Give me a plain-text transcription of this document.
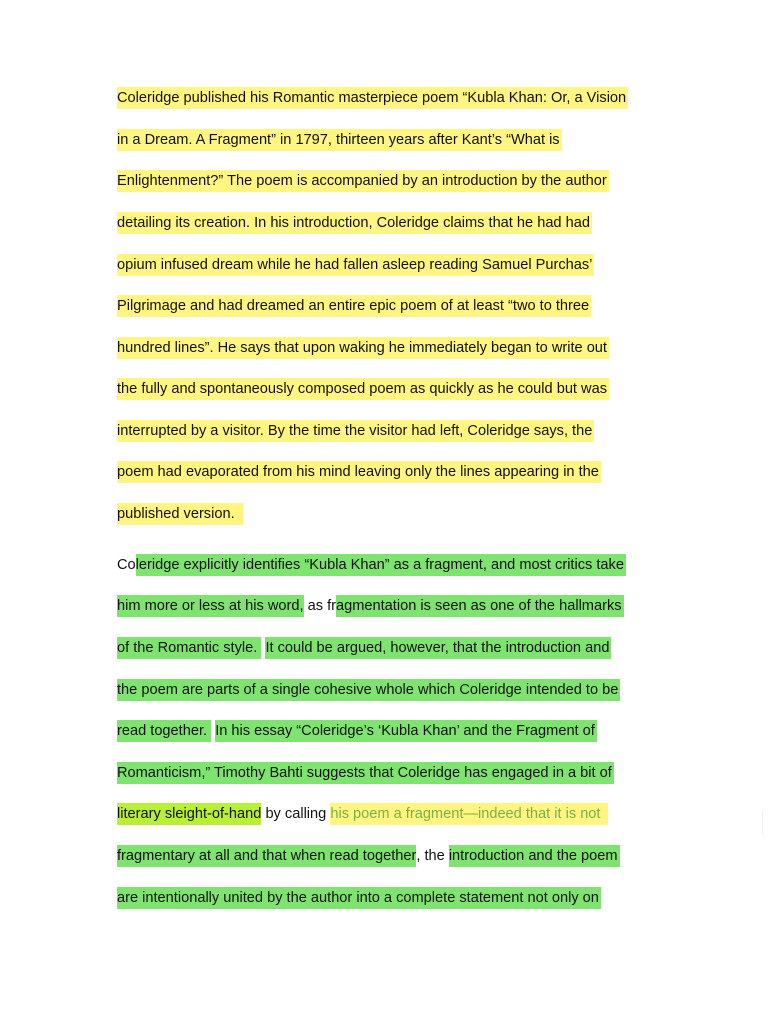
Coleridge published his Romantic masterpiece poem “Kubla Khan: Or, a Vision
in a Dream. A Fragment” in 1797, thirteen years after Kant’s “What is
Enlightenment?” The poem is accompanied by an introduction by the author
detailing its creation. In his introduction, Coleridge claims that he had had
opium infused dream while he had fallen asleep reading Samuel Purchas’
Pilgrimage and had dreamed an entire epic poem of at least “two to three
hundred lines”. He says that upon waking he immediately began to write out
the fully and spontaneously composed poem as quickly as he could but was
interrupted by a visitor. By the time the visitor had left, Coleridge says, the
poem had evaporated from his mind leaving only the lines appearing in the
published version.
Coleridge explicitly identifies “Kubla Khan” as a fragment, and most critics take
him more or less at his word, as fragmentation is seen as one of the hallmarks
of the Romantic style.  It could be argued, however, that the introduction and
the poem are parts of a single cohesive whole which Coleridge intended to be
read together.  In his essay “Coleridge’s ‘Kubla Khan’ and the Fragment of
Romanticism,” Timothy Bahti suggests that Coleridge has engaged in a bit of
literary sleight-of-hand by calling his poem a fragment—indeed that it is not
fragmentary at all and that when read together, the introduction and the poem
are intentionally united by the author into a complete statement not only on
